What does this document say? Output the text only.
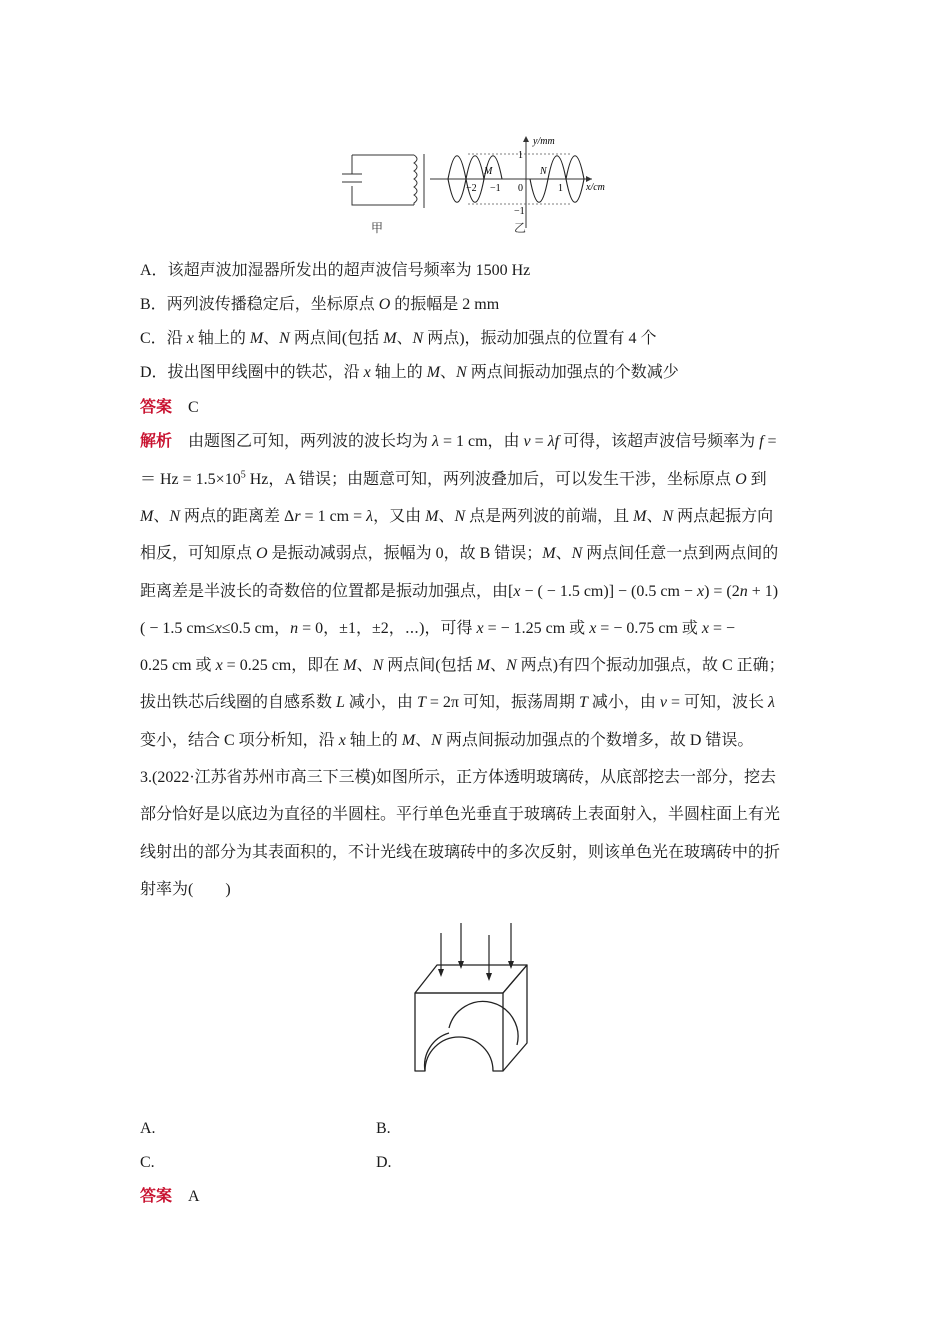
y/mm
x/cm
1
−1
−2 −1 0	1
M	N
甲	乙
A．该超声波加湿器所发出的超声波信号频率为 1500 Hz
B．两列波传播稳定后，坐标原点 O 的振幅是 2 mm
C．沿 x 轴上的 M、N 两点间(包括 M、N 两点)，振动加强点的位置有 4 个
D．拔出图甲线圈中的铁芯，沿 x 轴上的 M、N 两点间振动加强点的个数减少
答案 C
解析 由题图乙可知，两列波的波长均为 λ = 1 cm，由 v = λf 可得，该超声波信号频率为 f =
＝ $Hz = 1.5\times 10^5$ Hz，A 错误；由题意可知，两列波叠加后，可以发生干涉，坐标原点 O 到
M、N 两点的距离差 Δr = 1 cm = λ，又由 M、N 点是两列波的前端，且 M、N 两点起振方向
相反，可知原点 O 是振动减弱点，振幅为 0，故 B 错误；M、N 两点间任意一点到两点间的
距离差是半波长的奇数倍的位置都是振动加强点，由[x − ( − 1.5 cm)] − (0.5 cm − x) = (2n + 1)
( − 1.5 cm≤x≤0.5 cm，n = 0，±1，±2，⋯)，可得 x = − 1.25 cm 或 x = − 0.75 cm 或 x = −
0.25 cm 或 x = 0.25 cm，即在 M、N 两点间(包括 M、N 两点)有四个振动加强点，故 C 正确；
拔出铁芯后线圈的自感系数 L 减小，由 T = 2π 可知，振荡周期 T 减小，由 v = 可知，波长 λ
变小，结合 C 项分析知，沿 x 轴上的 M、N 两点间振动加强点的个数增多，故 D 错误。
3.(2022·江苏省苏州市高三下三模)如图所示，正方体透明玻璃砖，从底部挖去一部分，挖去
部分恰好是以底边为直径的半圆柱。平行单色光垂直于玻璃砖上表面射入，半圆柱面上有光
线射出的部分为其表面积的，不计光线在玻璃砖中的多次反射，则该单色光在玻璃砖中的折
射率为(　　)
A.	B.
C.	D.
答案 A
